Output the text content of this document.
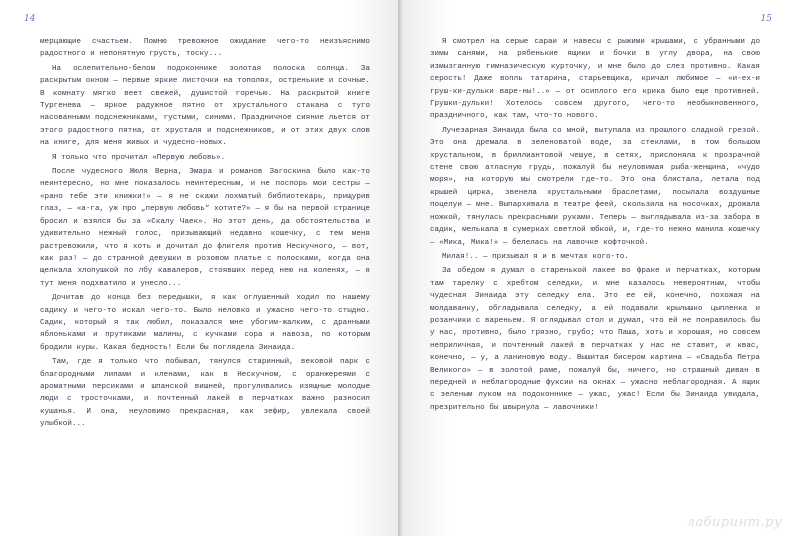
14

мерцающие счастьем. Помню тревожное ожидание чего-то неизъяснимо радостного и непонятную грусть, тоску...

На ослепительно-белом подоконнике золотая полоска солнца. За раскрытым окном — первые яркие листочки на тополях, остренькие и сочные. В комнату мягко веет свежей, душистой горечью. На раскрытой книге Тургенева — яркое радужное пятно от хрустального стакана с тугo насованными подснежниками, густыми, синими. Праздничное сияние льется от этого радостного пятна, от хрусталя и подснежников, и от этих двух слов на книге, для меня живых и чудесно-новых.

Я только что прочитал «Первую любовь».

После чудесного Жюля Верна, Эмара и романов Загоскина было как-то неинтересно, но мне показалось неинтересным, и не поспорь мои сестры — «рано тебе эти книжки!» — я не скажи лохматый библиотекарь, прищурив глаз, — «а-га, уж про „первую любовь“ хотите?» — я бы на первой странице бросил и взялся бы за «Скалу Чаек». Но этот день, да обстоятельства и удивительно нежный голос, призывающий недавно кошечку, с тем меня растревожили, что я хоть и дочитал до флигеля против Нескучного, — вот, как раз! — до странной девушки в розовом платье с полосками, когда она щелкала хлопушкой по лбу кавалеров, стоявших перед нею на коленях, — я тут меня подхватило и унесло...

Дочитав до конца без передышки, я как оглушенный ходил по нашему садику и чего-то искал чего-то. Было неловко и ужасно чего-то стыдно. Садик, который я так любил, показался мне убогим-жалким, с дранными яблоньками и прутиками малины, с кучками сора и навоза, по которым бродили куры. Какая бедность! Если бы поглядела Зинаида.

Там, где я только что побывал, тянулся старинный, вековой парк с благородными липами и кленами, как в Нескучном, с оранжереями с ароматными персиками и шпанской вишней, прогуливались изящные молодые люди с тросточками, и почтенный лакей в перчатках важно разносил кушанья. И она, неуловимо прекрасная, как зефир, увлекала своей улыбкой...

15

Я смотрел на серые сараи и навесы с рыжими крышами, с убранными до зимы санями, на рябенькие ящики и бочки в углу двора, на свою измызганную гимназическую курточку, и мне было до слез противно. Какая серость! Даже вопль татарина, старьевщика, кричал любимое — «и-ех-и груш-ки-дульки варе-ны!..» — от осиплого его крика было еще противней. Грушки-дульки! Хотелось совсем другого, чего-то необыкновенного, праздничного, как там, что-то нового.

Лучезарная Зинаида была со мной, вытупала из прошлого сладкой грезой. Это она дремала в зеленоватой воде, за стеклами, в том большом хрустальном, в бриллиантовой чешуе, в сетях, прислоняла к прозрачной стене свою атласную грудь, пожалуй бы неуловимая рыба-женщина, «чудо моря», на которую мы смотрели где-то. Это она блистала, летала под крышей цирка, звенела хрустальными браслетами, посылала воздушные поцелуи — мне. Выпархивала в театре феей, скользила на носочках, дрожала ножкой, тянулась прекрасными руками. Теперь — выглядывала из-за забора в садик, мелькала в сумерках светлой юбкой, и, где-то нежно манила кошечку — «Мика, Мика!» — белелась на лавочке кофточкой.

Милая!.. — призывал я и в мечтах кого-то.

За обедом я думал о старенькой лакее во фраке и перчатках, которым там тарелку с хребтом селедки, и мне казалось невероятным, чтобы чудесная Зинаида эту селедку ела. Это ее ей, конечно, похожая на молдаванку, обгладывала селедку, а ей подавали крылышко цыпленка и розанчики с вареньем. Я оглядывал стол и думал, что ей не понравилось бы у нас, противно, было грязно, грубо; что Паша, хоть и хорошая, но совсем неприличная, и почтенный лакей в перчатках у нас не ставит, и квас, конечно, — у, а ланиновую воду. Вышитая бисером картина — «Свадьба Петра Великого» — в золотой раме, пожалуй бы, ничего, но страшный диван в передней и неблагородные фуксии на окнах — ужасно неблагородная. А ящик с зеленым луком на подоконнике — ужас, ужас! Если бы Зинаида увидала, презрительно бы швырнула — лавочники!

лабиринт.ру
